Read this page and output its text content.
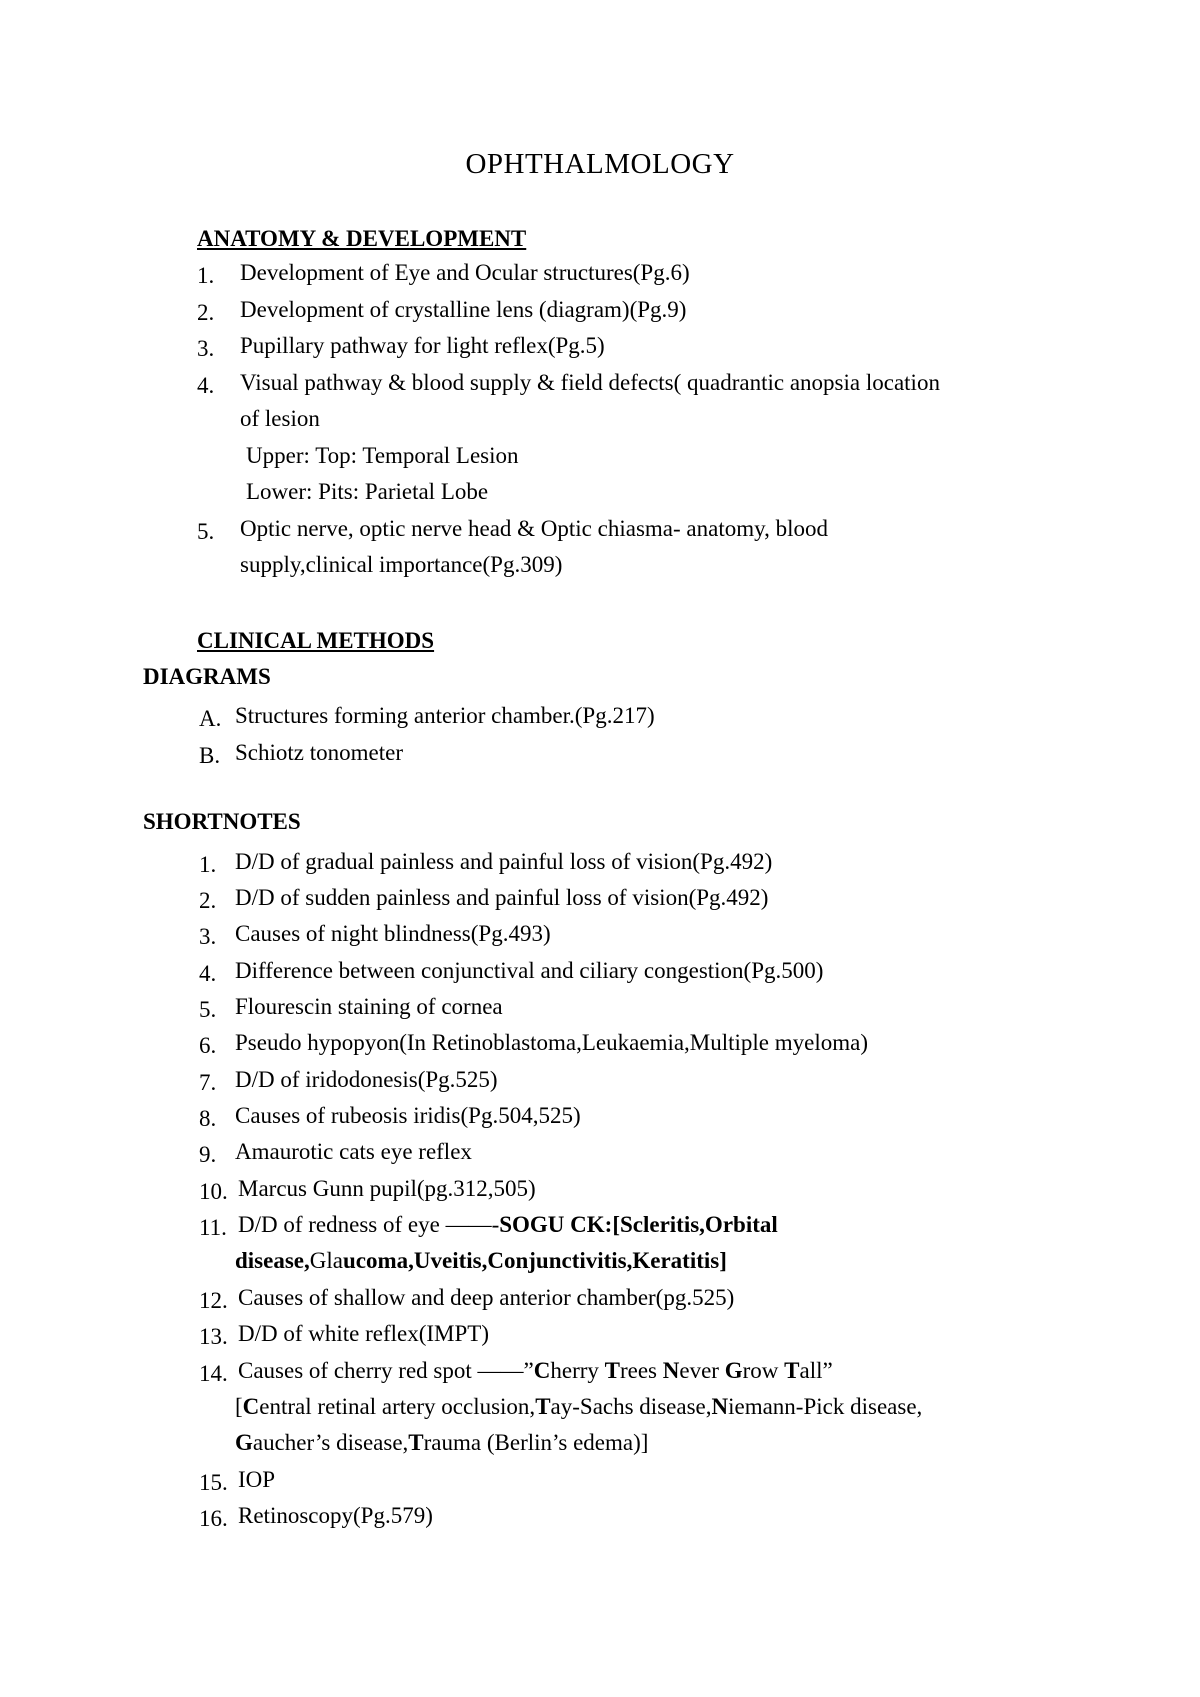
OPHTHALMOLOGY
ANATOMY & DEVELOPMENT
1. Development of Eye and Ocular structures(Pg.6)
2. Development of crystalline lens (diagram)(Pg.9)
3. Pupillary pathway for light reflex(Pg.5)
4. Visual pathway & blood supply & field defects( quadrantic anopsia location
of lesion
Upper: Top: Temporal Lesion
Lower: Pits: Parietal Lobe
5. Optic nerve, optic nerve head & Optic chiasma- anatomy, blood
supply,clinical importance(Pg.309)
CLINICAL METHODS
DIAGRAMS
A. Structures forming anterior chamber.(Pg.217)
B. Schiotz tonometer
SHORTNOTES
1. D/D of gradual painless and painful loss of vision(Pg.492)
2. D/D of sudden painless and painful loss of vision(Pg.492)
3. Causes of night blindness(Pg.493)
4. Difference between conjunctival and ciliary congestion(Pg.500)
5. Flourescin staining of cornea
6. Pseudo hypopyon(In Retinoblastoma,Leukaemia,Multiple myeloma)
7. D/D of iridodonesis(Pg.525)
8. Causes of rubeosis iridis(Pg.504,525)
9. Amaurotic cats eye reflex
10. Marcus Gunn pupil(pg.312,505)
11. D/D of redness of eye ——-SOGU CK:[Scleritis,Orbital
disease,Glaucoma,Uveitis,Conjunctivitis,Keratitis]
12. Causes of shallow and deep anterior chamber(pg.525)
13. D/D of white reflex(IMPT)
14. Causes of cherry red spot ——”Cherry Trees Never Grow Tall”
[Central retinal artery occlusion,Tay-Sachs disease,Niemann-Pick disease,
Gaucher’s disease,Trauma (Berlin’s edema)]
15. IOP
16. Retinoscopy(Pg.579)
